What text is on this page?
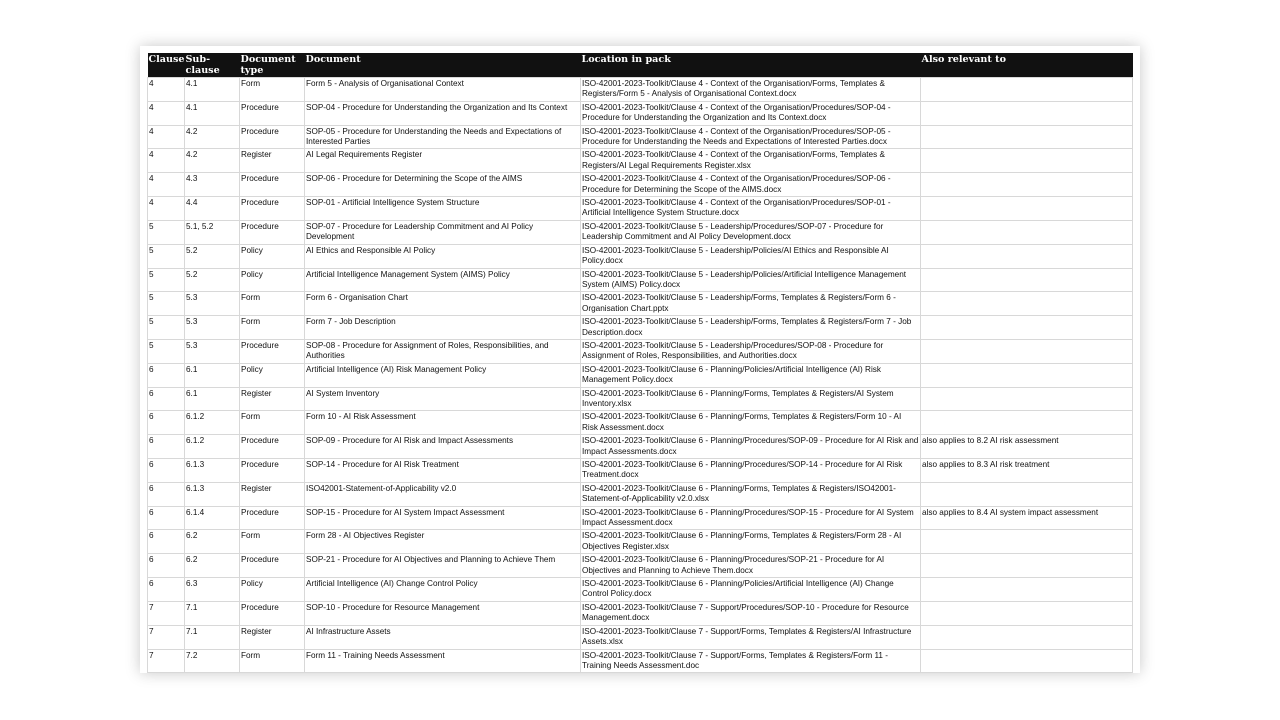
Clause	Sub-clause	Document type	Document	Location in pack	Also relevant to
4	4.1	Form	Form 5 - Analysis of Organisational Context	ISO-42001-2023-Toolkit/Clause 4 - Context of the Organisation/Forms, Templates & Registers/Form 5 - Analysis of Organisational Context.docx	
4	4.1	Procedure	SOP-04 - Procedure for Understanding the Organization and Its Context	ISO-42001-2023-Toolkit/Clause 4 - Context of the Organisation/Procedures/SOP-04 - Procedure for Understanding the Organization and Its Context.docx	
4	4.2	Procedure	SOP-05 - Procedure for Understanding the Needs and Expectations of Interested Parties	ISO-42001-2023-Toolkit/Clause 4 - Context of the Organisation/Procedures/SOP-05 - Procedure for Understanding the Needs and Expectations of Interested Parties.docx	
4	4.2	Register	AI Legal Requirements Register	ISO-42001-2023-Toolkit/Clause 4 - Context of the Organisation/Forms, Templates & Registers/AI Legal Requirements Register.xlsx	
4	4.3	Procedure	SOP-06 - Procedure for Determining the Scope of the AIMS	ISO-42001-2023-Toolkit/Clause 4 - Context of the Organisation/Procedures/SOP-06 - Procedure for Determining the Scope of the AIMS.docx	
4	4.4	Procedure	SOP-01 - Artificial Intelligence System Structure	ISO-42001-2023-Toolkit/Clause 4 - Context of the Organisation/Procedures/SOP-01 - Artificial Intelligence System Structure.docx	
5	5.1, 5.2	Procedure	SOP-07 - Procedure for Leadership Commitment and AI Policy Development	ISO-42001-2023-Toolkit/Clause 5 - Leadership/Procedures/SOP-07 - Procedure for Leadership Commitment and AI Policy Development.docx	
5	5.2	Policy	AI Ethics and Responsible AI Policy	ISO-42001-2023-Toolkit/Clause 5 - Leadership/Policies/AI Ethics and Responsible AI Policy.docx	
5	5.2	Policy	Artificial Intelligence Management System (AIMS) Policy	ISO-42001-2023-Toolkit/Clause 5 - Leadership/Policies/Artificial Intelligence Management System (AIMS) Policy.docx	
5	5.3	Form	Form 6 - Organisation Chart	ISO-42001-2023-Toolkit/Clause 5 - Leadership/Forms, Templates & Registers/Form 6 - Organisation Chart.pptx	
5	5.3	Form	Form 7 - Job Description	ISO-42001-2023-Toolkit/Clause 5 - Leadership/Forms, Templates & Registers/Form 7 - Job Description.docx	
5	5.3	Procedure	SOP-08 - Procedure for Assignment of Roles, Responsibilities, and Authorities	ISO-42001-2023-Toolkit/Clause 5 - Leadership/Procedures/SOP-08 - Procedure for Assignment of Roles, Responsibilities, and Authorities.docx	
6	6.1	Policy	Artificial Intelligence (AI) Risk Management Policy	ISO-42001-2023-Toolkit/Clause 6 - Planning/Policies/Artificial Intelligence (AI) Risk Management Policy.docx	
6	6.1	Register	AI System Inventory	ISO-42001-2023-Toolkit/Clause 6 - Planning/Forms, Templates & Registers/AI System Inventory.xlsx	
6	6.1.2	Form	Form 10 - AI Risk Assessment	ISO-42001-2023-Toolkit/Clause 6 - Planning/Forms, Templates & Registers/Form 10 - AI Risk Assessment.docx	
6	6.1.2	Procedure	SOP-09 - Procedure for AI Risk and Impact Assessments	ISO-42001-2023-Toolkit/Clause 6 - Planning/Procedures/SOP-09 - Procedure for AI Risk and Impact Assessments.docx	also applies to 8.2 AI risk assessment
6	6.1.3	Procedure	SOP-14 - Procedure for AI Risk Treatment	ISO-42001-2023-Toolkit/Clause 6 - Planning/Procedures/SOP-14 - Procedure for AI Risk Treatment.docx	also applies to 8.3 AI risk treatment
6	6.1.3	Register	ISO42001-Statement-of-Applicability v2.0	ISO-42001-2023-Toolkit/Clause 6 - Planning/Forms, Templates & Registers/ISO42001-Statement-of-Applicability v2.0.xlsx	
6	6.1.4	Procedure	SOP-15 - Procedure for AI System Impact Assessment	ISO-42001-2023-Toolkit/Clause 6 - Planning/Procedures/SOP-15 - Procedure for AI System Impact Assessment.docx	also applies to 8.4 AI system impact assessment
6	6.2	Form	Form 28 - AI Objectives Register	ISO-42001-2023-Toolkit/Clause 6 - Planning/Forms, Templates & Registers/Form 28 - AI Objectives Register.xlsx	
6	6.2	Procedure	SOP-21 - Procedure for AI Objectives and Planning to Achieve Them	ISO-42001-2023-Toolkit/Clause 6 - Planning/Procedures/SOP-21 - Procedure for AI Objectives and Planning to Achieve Them.docx	
6	6.3	Policy	Artificial Intelligence (AI) Change Control Policy	ISO-42001-2023-Toolkit/Clause 6 - Planning/Policies/Artificial Intelligence (AI) Change Control Policy.docx	
7	7.1	Procedure	SOP-10 - Procedure for Resource Management	ISO-42001-2023-Toolkit/Clause 7 - Support/Procedures/SOP-10 - Procedure for Resource Management.docx	
7	7.1	Register	AI Infrastructure Assets	ISO-42001-2023-Toolkit/Clause 7 - Support/Forms, Templates & Registers/AI Infrastructure Assets.xlsx	
7	7.2	Form	Form 11 - Training Needs Assessment	ISO-42001-2023-Toolkit/Clause 7 - Support/Forms, Templates & Registers/Form 11 - Training Needs Assessment.doc	
